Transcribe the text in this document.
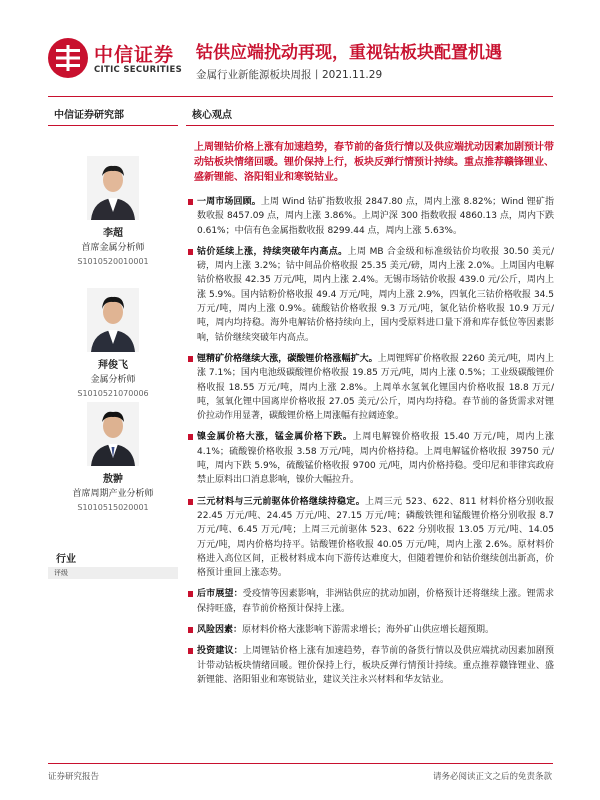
中信证券
CITIC SECURITIES
钴供应端扰动再现，重视钴板块配置机遇
金属行业新能源板块周报丨2021.11.29
中信证券研究部
李超
首席金属分析师
S1010520010001
拜俊飞
金属分析师
S1010521070006
敖翀
首席周期产业分析师
S1010515020001
行业
评级
核心观点
上周锂钴价格上涨有加速趋势，春节前的备货行情以及供应端扰动因素加剧预计带动钴板块情绪回暖。锂价保持上行，板块反弹行情预计持续。重点推荐赣锋锂业、盛新锂能、洛阳钼业和寒锐钴业。
一周市场回顾。上周 Wind 钴矿指数收报 2847.80 点，周内上涨 8.82%；Wind 锂矿指数收报 8457.09 点，周内上涨 3.86%。上周沪深 300 指数收报 4860.13 点，周内下跌 0.61%；中信有色金属指数收报 8299.44 点，周内上涨 5.63%。
钴价延续上涨，持续突破年内高点。上周 MB 合金级和标准级钴价均收报 30.50 美元/磅，周内上涨 3.2%；钴中间品价格收报 25.35 美元/磅，周内上涨 2.0%。上周国内电解钴价格收报 42.35 万元/吨，周内上涨 2.4%。无锡市场钴价收报 439.0 元/公斤，周内上涨 5.9%。国内钴粉价格收报 49.4 万元/吨，周内上涨 2.9%，四氧化三钴价格收报 34.5 万元/吨，周内上涨 0.9%。硫酸钴价格收报 9.3 万元/吨，氯化钴价格收报 10.9 万元/吨，周内均持稳。海外电解钴价格持续向上，国内受原料进口量下滑和库存低位等因素影响，钴价继续突破年内高点。
锂精矿价格继续大涨，碳酸锂价格涨幅扩大。上周锂辉矿价格收报 2260 美元/吨，周内上涨 7.1%；国内电池级碳酸锂价格收报 19.85 万元/吨，周内上涨 0.5%；工业级碳酸锂价格收报 18.55 万元/吨，周内上涨 2.8%。上周单水氢氧化锂国内价格收报 18.8 万元/吨，氢氧化锂中国离岸价格收报 27.05 美元/公斤，周内均持稳。春节前的备货需求对锂价拉动作用显著，碳酸锂价格上周涨幅有拉阔迹象。
镍金属价格大涨，锰金属价格下跌。上周电解镍价格收报 15.40 万元/吨，周内上涨 4.1%；硫酸镍价格收报 3.58 万元/吨，周内价格持稳。上周电解锰价格收报 39750 元/吨，周内下跌 5.9%，硫酸锰价格收报 9700 元/吨，周内价格持稳。受印尼和菲律宾政府禁止原料出口消息影响，镍价大幅拉升。
三元材料与三元前驱体价格继续持稳定。上周三元 523、622、811 材料价格分别收报 22.45 万元/吨、24.45 万元/吨、27.15 万元/吨；磷酸铁锂和锰酸锂价格分别收报 8.7 万元/吨、6.45 万元/吨；上周三元前驱体 523、622 分别收报 13.05 万元/吨、14.05 万元/吨，周内价格均持平。钴酸锂价格收报 40.05 万元/吨，周内上涨 2.6%。原材料价格进入高位区间，正极材料成本向下游传达难度大，但随着锂价和钴价继续创出新高，价格预计重回上涨态势。
后市展望：受疫情等因素影响，非洲钴供应的扰动加剧，价格预计还将继续上涨。锂需求保持旺盛，春节前价格预计保持上涨。
风险因素：原材料价格大涨影响下游需求增长；海外矿山供应增长超预期。
投资建议：上周锂钴价格上涨有加速趋势，春节前的备货行情以及供应端扰动因素加剧预计带动钴板块情绪回暖。锂价保持上行，板块反弹行情预计持续。重点推荐赣锋锂业、盛新锂能、洛阳钼业和寒锐钴业，建议关注永兴材料和华友钴业。
证券研究报告	请务必阅读正文之后的免责条款
